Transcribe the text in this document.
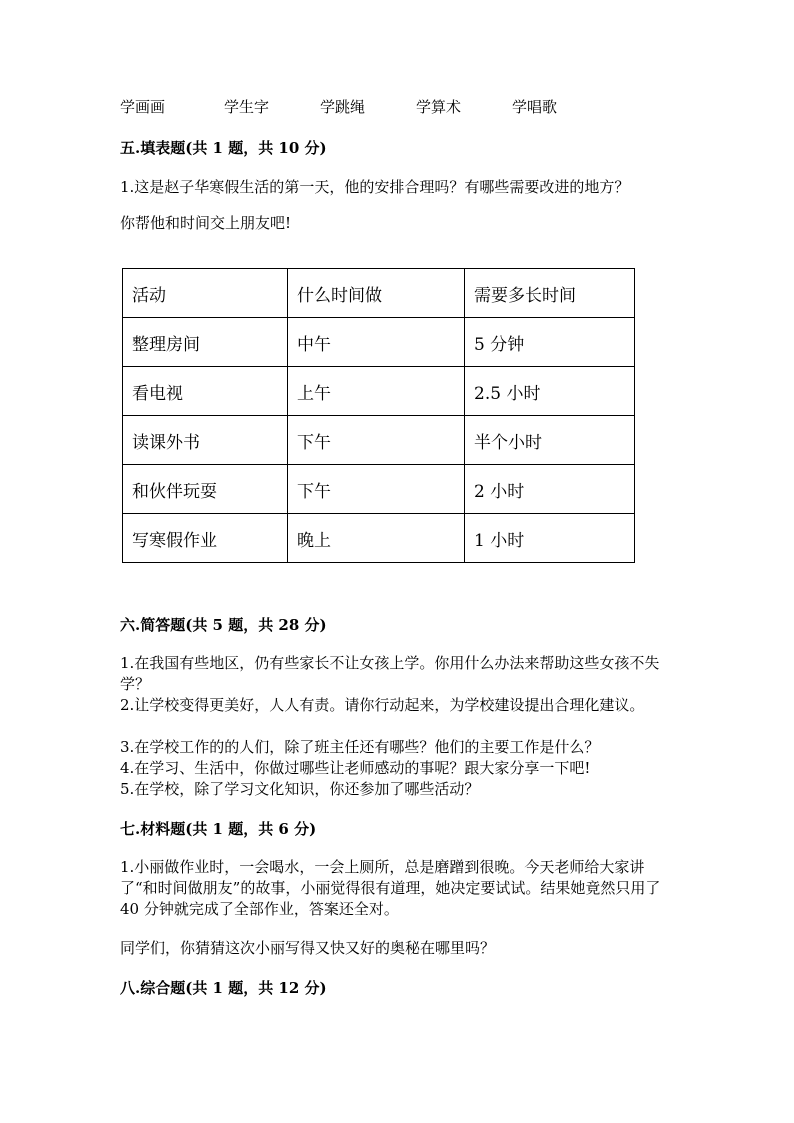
学画画	学生字	学跳绳	学算术	学唱歌
五.填表题(共 1 题，共 10 分)
1.这是赵子华寒假生活的第一天，他的安排合理吗？有哪些需要改进的地方？
你帮他和时间交上朋友吧!
活动	什么时间做	需要多长时间
整理房间	中午	5 分钟
看电视	上午	2.5 小时
读课外书	下午	半个小时
和伙伴玩耍	下午	2 小时
写寒假作业	晚上	1 小时
六.简答题(共 5 题，共 28 分)
1.在我国有些地区，仍有些家长不让女孩上学。你用什么办法来帮助这些女孩不失学？
2.让学校变得更美好，人人有责。请你行动起来，为学校建设提出合理化建议。
3.在学校工作的的人们，除了班主任还有哪些？他们的主要工作是什么？
4.在学习、生活中，你做过哪些让老师感动的事呢？跟大家分享一下吧!
5.在学校，除了学习文化知识，你还参加了哪些活动？
七.材料题(共 1 题，共 6 分)
1.小丽做作业时，一会喝水，一会上厕所，总是磨蹭到很晚。今天老师给大家讲了“和时间做朋友”的故事，小丽觉得很有道理，她决定要试试。结果她竟然只用了 40 分钟就完成了全部作业，答案还全对。
同学们，你猜猜这次小丽写得又快又好的奥秘在哪里吗？
八.综合题(共 1 题，共 12 分)
